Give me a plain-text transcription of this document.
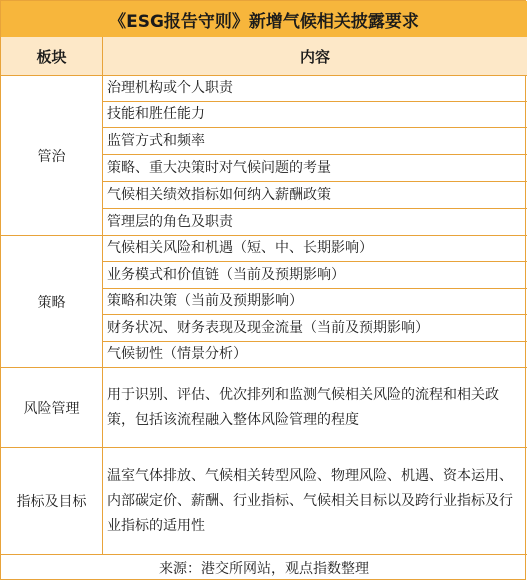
《ESG报告守则》新增气候相关披露要求
板块	内容
管治
治理机构或个人职责
技能和胜任能力
监管方式和频率
策略、重大决策时对气候问题的考量
气候相关绩效指标如何纳入薪酬政策
管理层的角色及职责
策略
气候相关风险和机遇（短、中、长期影响）
业务模式和价值链（当前及预期影响）
策略和决策（当前及预期影响）
财务状况、财务表现及现金流量（当前及预期影响）
气候韧性（情景分析）
风险管理
用于识别、评估、优次排列和监测气候相关风险的流程和相关政策，包括该流程融入整体风险管理的程度
指标及目标
温室气体排放、气候相关转型风险、物理风险、机遇、资本运用、内部碳定价、薪酬、行业指标、气候相关目标以及跨行业指标及行业指标的适用性
来源：港交所网站，观点指数整理
